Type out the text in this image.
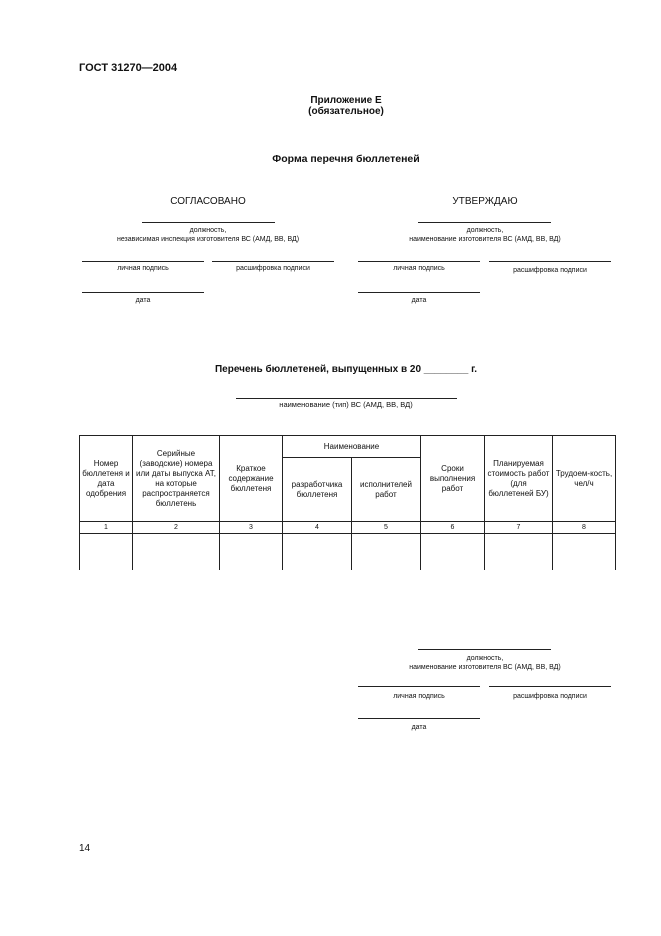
ГОСТ 31270—2004
Приложение Е
(обязательное)
Форма перечня бюллетеней
СОГЛАСОВАНО
должность,
независимая инспекция изготовителя ВС (АМД, ВВ, ВД)
личная подпись	расшифровка подписи
дата
УТВЕРЖДАЮ
должность,
наименование изготовителя ВС (АМД, ВВ, ВД)
личная подпись	расшифровка подписи
дата
Перечень бюллетеней, выпущенных в 20 ________ г.
наименование (тип) ВС (АМД, ВВ, ВД)
Номер бюллетеня и дата одобрения	Серийные (заводские) номера или даты выпуска АТ, на которые распространяется бюллетень	Краткое содержание бюллетеня	Наименование		Сроки выполнения работ	Планируемая стоимость работ (для бюллетеней БУ)	Трудоем-кость, чел/ч
			разработчика бюллетеня	исполнителей работ			
1	2	3	4	5	6	7	8

должность,
наименование изготовителя ВС (АМД, ВВ, ВД)
личная подпись	расшифровка подписи
дата
14
